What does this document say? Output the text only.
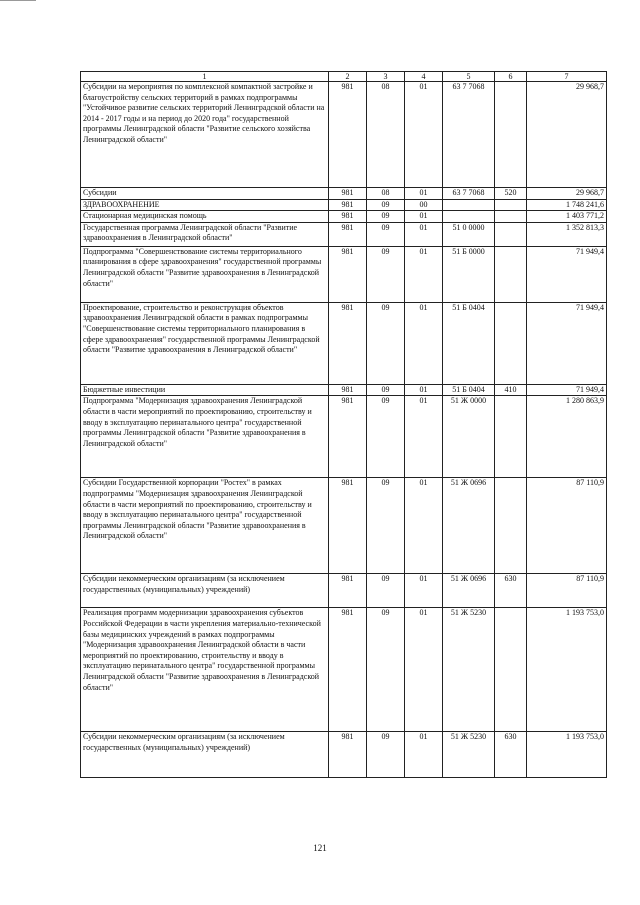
1	2	3	4	5	6	7
Субсидии на мероприятия по комплексной компактной застройке и благоустройству сельских территорий в рамках подпрограммы "Устойчивое развитие сельских территорий Ленинградской области на 2014 - 2017 годы и на период до 2020 года" государственной программы Ленинградской области "Развитие сельского хозяйства Ленинградской области"	981	08	01	63 7 7068		29 968,7
Субсидии	981	08	01	63 7 7068	520	29 968,7
ЗДРАВООХРАНЕНИЕ	981	09	00			1 748 241,6
Стационарная медицинская помощь	981	09	01			1 403 771,2
Государственная программа Ленинградской области "Развитие здравоохранения в Ленинградской области"	981	09	01	51 0 0000		1 352 813,3
Подпрограмма "Совершенствование системы территориального планирования в сфере здравоохранения" государственной программы Ленинградской области "Развитие здравоохранения в Ленинградской области"	981	09	01	51 Б 0000		71 949,4
Проектирование, строительство и реконструкция объектов здравоохранения Ленинградской области в рамках подпрограммы "Совершенствование системы территориального планирования в сфере здравоохранения" государственной программы Ленинградской области "Развитие здравоохранения в Ленинградской области"	981	09	01	51 Б 0404		71 949,4
Бюджетные инвестиции	981	09	01	51 Б 0404	410	71 949,4
Подпрограмма "Модернизация здравоохранения Ленинградской области в части мероприятий по проектированию, строительству и вводу в эксплуатацию перинатального центра" государственной программы Ленинградской области "Развитие здравоохранения в Ленинградской области"	981	09	01	51 Ж 0000		1 280 863,9
Субсидии Государственной корпорации "Ростех" в рамках подпрограммы "Модернизация здравоохранения Ленинградской области в части мероприятий по проектированию, строительству и вводу в эксплуатацию перинатального центра" государственной программы Ленинградской области "Развитие здравоохранения в Ленинградской области"	981	09	01	51 Ж 0696		87 110,9
Субсидии некоммерческим организациям (за исключением государственных (муниципальных) учреждений)	981	09	01	51 Ж 0696	630	87 110,9
Реализация программ модернизации здравоохранения субъектов Российской Федерации в части укрепления материально-технической базы медицинских учреждений в рамках подпрограммы "Модернизация здравоохранения Ленинградской области в части мероприятий по проектированию, строительству и вводу в эксплуатацию перинатального центра" государственной программы Ленинградской области "Развитие здравоохранения в Ленинградской области"	981	09	01	51 Ж 5230		1 193 753,0
Субсидии некоммерческим организациям (за исключением государственных (муниципальных) учреждений)	981	09	01	51 Ж 5230	630	1 193 753,0
121
